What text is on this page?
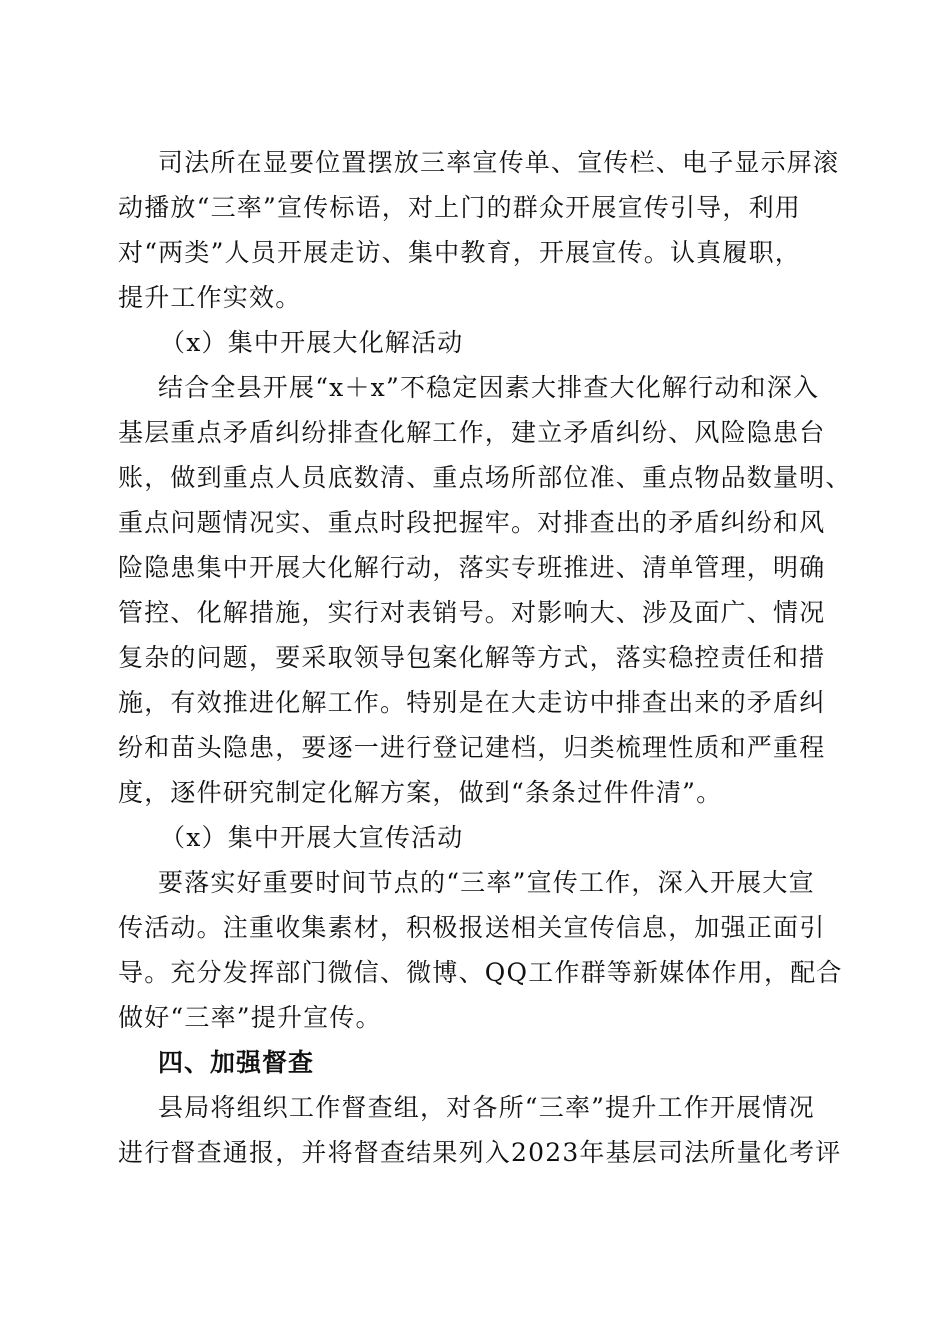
司法所在显要位置摆放三率宣传单、宣传栏、电子显示屏滚
动播放“三率”宣传标语，对上门的群众开展宣传引导，利用
对“两类”人员开展走访、集中教育，开展宣传。认真履职，
提升工作实效。
（x）集中开展大化解活动
结合全县开展“x＋x”不稳定因素大排查大化解行动和深入
基层重点矛盾纠纷排查化解工作，建立矛盾纠纷、风险隐患台
账，做到重点人员底数清、重点场所部位准、重点物品数量明、
重点问题情况实、重点时段把握牢。对排查出的矛盾纠纷和风
险隐患集中开展大化解行动，落实专班推进、清单管理，明确
管控、化解措施，实行对表销号。对影响大、涉及面广、情况
复杂的问题，要采取领导包案化解等方式，落实稳控责任和措
施，有效推进化解工作。特别是在大走访中排查出来的矛盾纠
纷和苗头隐患，要逐一进行登记建档，归类梳理性质和严重程
度，逐件研究制定化解方案，做到“条条过件件清”。
（x）集中开展大宣传活动
要落实好重要时间节点的“三率”宣传工作，深入开展大宣
传活动。注重收集素材，积极报送相关宣传信息，加强正面引
导。充分发挥部门微信、微博、QQ工作群等新媒体作用，配合
做好“三率”提升宣传。
四、加强督查
县局将组织工作督查组，对各所“三率”提升工作开展情况
进行督查通报，并将督查结果列入2023年基层司法所量化考评
